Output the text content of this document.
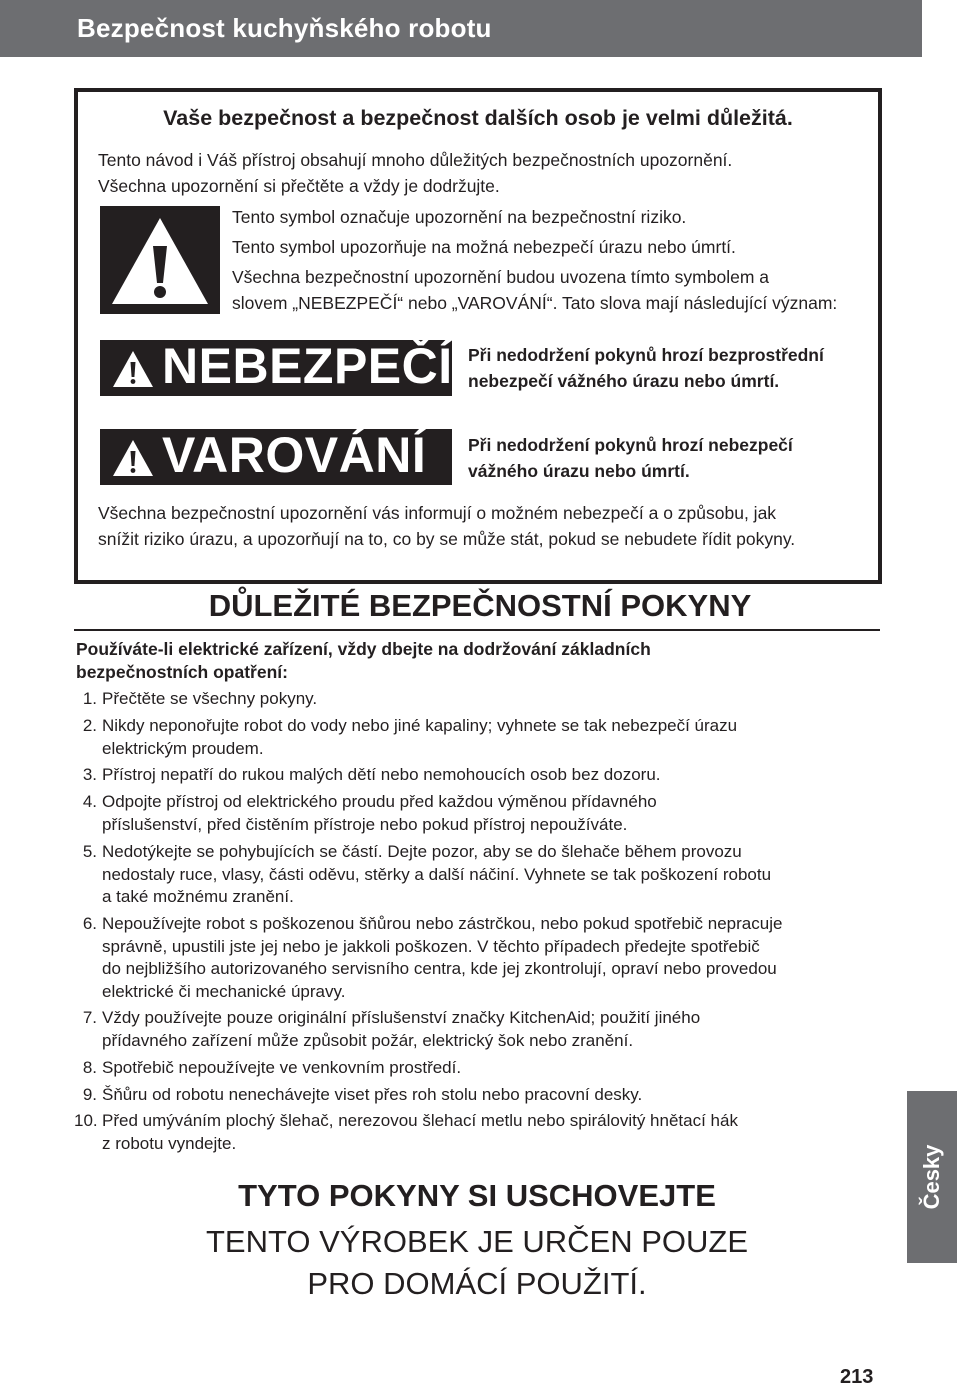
Bezpečnost kuchyňského robotu
Vaše bezpečnost a bezpečnost dalších osob je velmi důležitá.
Tento návod i Váš přístroj obsahují mnoho důležitých bezpečnostních upozornění.
Všechna upozornění si přečtěte a vždy je dodržujte.
Tento symbol označuje upozornění na bezpečnostní riziko.
Tento symbol upozorňuje na možná nebezpečí úrazu nebo úmrtí.
Všechna bezpečnostní upozornění budou uvozena tímto symbolem a
slovem „NEBEZPEČÍ“ nebo „VAROVÁNÍ“. Tato slova mají následující význam:
NEBEZPEČÍ Při nedodržení pokynů hrozí bezprostřední
nebezpečí vážného úrazu nebo úmrtí.
VAROVÁNÍ Při nedodržení pokynů hrozí nebezpečí
vážného úrazu nebo úmrtí.
Všechna bezpečnostní upozornění vás informují o možném nebezpečí a o způsobu, jak
snížit riziko úrazu, a upozorňují na to, co by se může stát, pokud se nebudete řídit pokyny.
DŮLEŽITÉ BEZPEČNOSTNÍ POKYNY
Používáte-li elektrické zařízení, vždy dbejte na dodržování základních
bezpečnostních opatření:
1. Přečtěte se všechny pokyny.
2. Nikdy neponořujte robot do vody nebo jiné kapaliny; vyhnete se tak nebezpečí úrazu
elektrickým proudem.
3. Přístroj nepatří do rukou malých dětí nebo nemohoucích osob bez dozoru.
4. Odpojte přístroj od elektrického proudu před každou výměnou přídavného
příslušenství, před čistěním přístroje nebo pokud přístroj nepoužíváte.
5. Nedotýkejte se pohybujících se částí. Dejte pozor, aby se do šlehače během provozu
nedostaly ruce, vlasy, části oděvu, stěrky a další náčiní. Vyhnete se tak poškození robotu
a také možnému zranění.
6. Nepoužívejte robot s poškozenou šňůrou nebo zástrčkou, nebo pokud spotřebič nepracuje
správně, upustili jste jej nebo je jakkoli poškozen. V těchto případech předejte spotřebič
do nejbližšího autorizovaného servisního centra, kde jej zkontrolují, opraví nebo provedou
elektrické či mechanické úpravy.
7. Vždy používejte pouze originální příslušenství značky KitchenAid; použití jiného
přídavného zařízení může způsobit požár, elektrický šok nebo zranění.
8. Spotřebič nepoužívejte ve venkovním prostředí.
9. Šňůru od robotu nenechávejte viset přes roh stolu nebo pracovní desky.
10. Před umýváním plochý šlehač, nerezovou šlehací metlu nebo spirálovitý hnětací hák
z robotu vyndejte.
TYTO POKYNY SI USCHOVEJTE
TENTO VÝROBEK JE URČEN POUZE
PRO DOMÁCÍ POUŽITÍ.
Česky
213
